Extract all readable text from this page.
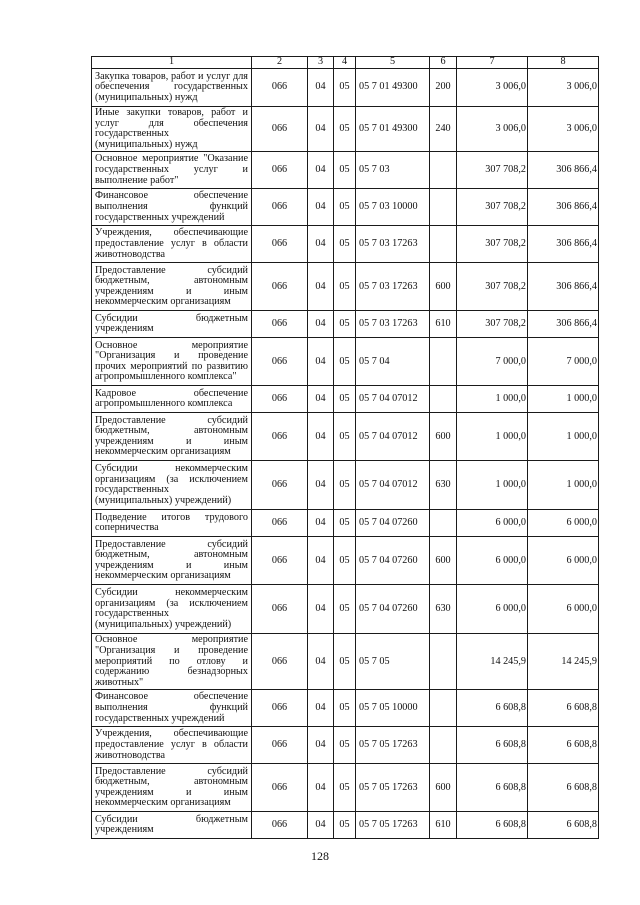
1	2	3	4	5	6	7	8
Закупка товаров, работ и услуг для обеспечения государственных (муниципальных) нужд	066	04	05	05 7 01 49300	200	3 006,0	3 006,0
Иные закупки товаров, работ и услуг для обеспечения государственных (муниципальных) нужд	066	04	05	05 7 01 49300	240	3 006,0	3 006,0
Основное мероприятие "Оказание государственных услуг и выполнение работ"	066	04	05	05 7 03		307 708,2	306 866,4
Финансовое обеспечение выполнения функций государственных учреждений	066	04	05	05 7 03 10000		307 708,2	306 866,4
Учреждения, обеспечивающие предоставление услуг в области животноводства	066	04	05	05 7 03 17263		307 708,2	306 866,4
Предоставление субсидий бюджетным, автономным учреждениям и иным некоммерческим организациям	066	04	05	05 7 03 17263	600	307 708,2	306 866,4
Субсидии бюджетным учреждениям	066	04	05	05 7 03 17263	610	307 708,2	306 866,4
Основное мероприятие "Организация и проведение прочих мероприятий по развитию агропромышленного комплекса"	066	04	05	05 7 04		7 000,0	7 000,0
Кадровое обеспечение агропромышленного комплекса	066	04	05	05 7 04 07012		1 000,0	1 000,0
Предоставление субсидий бюджетным, автономным учреждениям и иным некоммерческим организациям	066	04	05	05 7 04 07012	600	1 000,0	1 000,0
Субсидии некоммерческим организациям (за исключением государственных (муниципальных) учреждений)	066	04	05	05 7 04 07012	630	1 000,0	1 000,0
Подведение итогов трудового соперничества	066	04	05	05 7 04 07260		6 000,0	6 000,0
Предоставление субсидий бюджетным, автономным учреждениям и иным некоммерческим организациям	066	04	05	05 7 04 07260	600	6 000,0	6 000,0
Субсидии некоммерческим организациям (за исключением государственных (муниципальных) учреждений)	066	04	05	05 7 04 07260	630	6 000,0	6 000,0
Основное мероприятие "Организация и проведение мероприятий по отлову и содержанию безнадзорных животных"	066	04	05	05 7 05		14 245,9	14 245,9
Финансовое обеспечение выполнения функций государственных учреждений	066	04	05	05 7 05 10000		6 608,8	6 608,8
Учреждения, обеспечивающие предоставление услуг в области животноводства	066	04	05	05 7 05 17263		6 608,8	6 608,8
Предоставление субсидий бюджетным, автономным учреждениям и иным некоммерческим организациям	066	04	05	05 7 05 17263	600	6 608,8	6 608,8
Субсидии бюджетным учреждениям	066	04	05	05 7 05 17263	610	6 608,8	6 608,8
128
